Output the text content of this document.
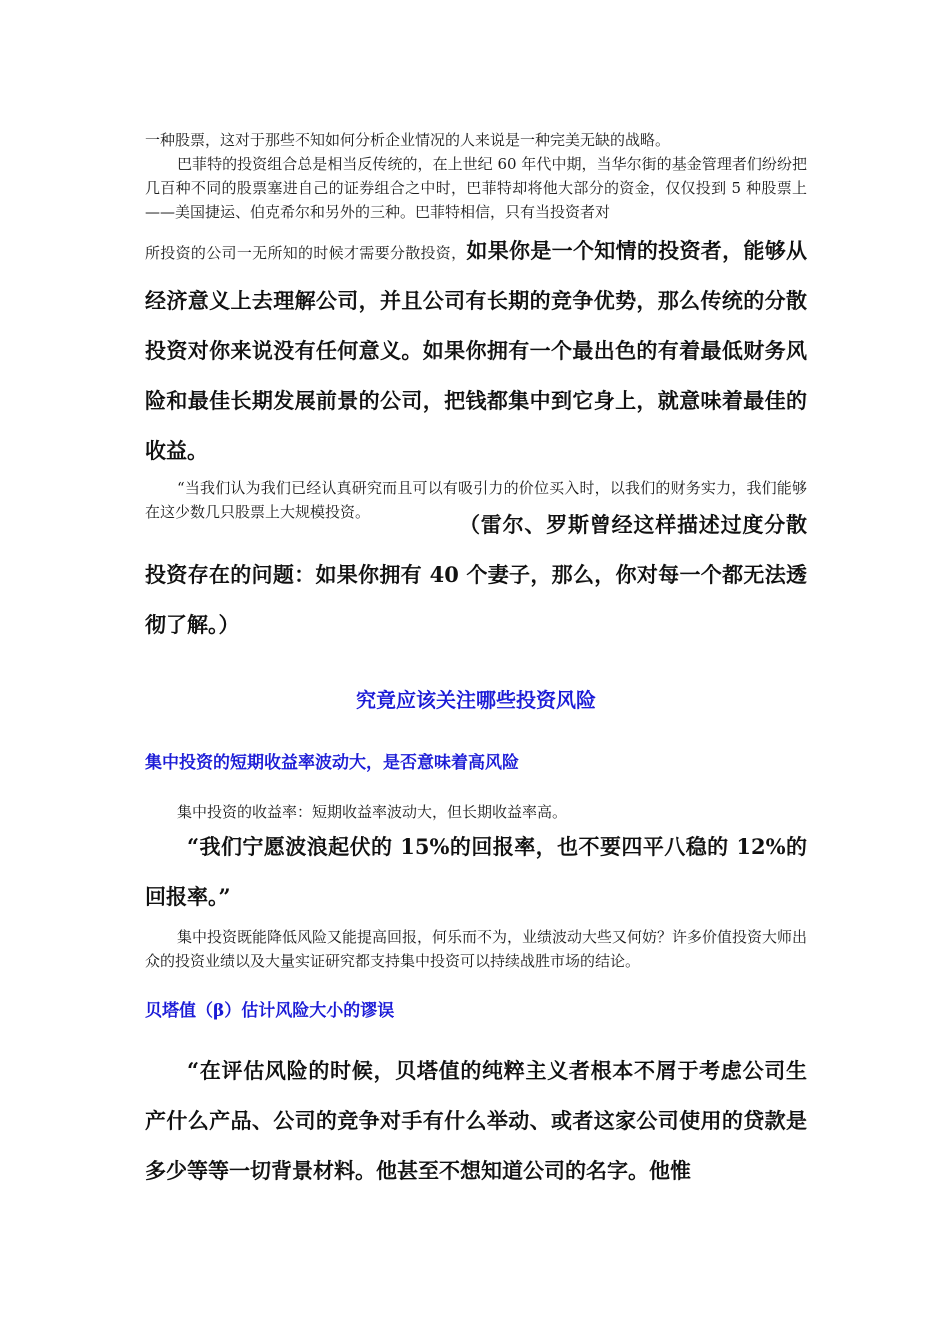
一种股票，这对于那些不知如何分析企业情况的人来说是一种完美无缺的战略。

巴菲特的投资组合总是相当反传统的，在上世纪 60 年代中期，当华尔街的基金管理者们纷纷把几百种不同的股票塞进自己的证券组合之中时，巴菲特却将他大部分的资金，仅仅投到 5 种股票上——美国捷运、伯克希尔和另外的三种。巴菲特相信，只有当投资者对

所投资的公司一无所知的时候才需要分散投资，如果你是一个知情的投资者，能够从经济意义上去理解公司，并且公司有长期的竞争优势，那么传统的分散投资对你来说没有任何意义。如果你拥有一个最出色的有着最低财务风险和最佳长期发展前景的公司，把钱都集中到它身上，就意味着最佳的收益。

“当我们认为我们已经认真研究而且可以有吸引力的价位买入时，以我们的财务实力，我们能够在这少数几只股票上大规模投资。	（雷尔、罗斯曾经这样描述过度分散投资存在的问题：如果你拥有 40 个妻子，那么，你对每一个都无法透彻了解。）

究竟应该关注哪些投资风险

集中投资的短期收益率波动大，是否意味着高风险

集中投资的收益率：短期收益率波动大，但长期收益率高。

“我们宁愿波浪起伏的 15%的回报率，也不要四平八稳的 12%的回报率。”

集中投资既能降低风险又能提高回报，何乐而不为，业绩波动大些又何妨？许多价值投资大师出众的投资业绩以及大量实证研究都支持集中投资可以持续战胜市场的结论。

贝塔值（β）估计风险大小的谬误

“在评估风险的时候，贝塔值的纯粹主义者根本不屑于考虑公司生产什么产品、公司的竞争对手有什么举动、或者这家公司使用的贷款是多少等等一切背景材料。他甚至不想知道公司的名字。他惟
